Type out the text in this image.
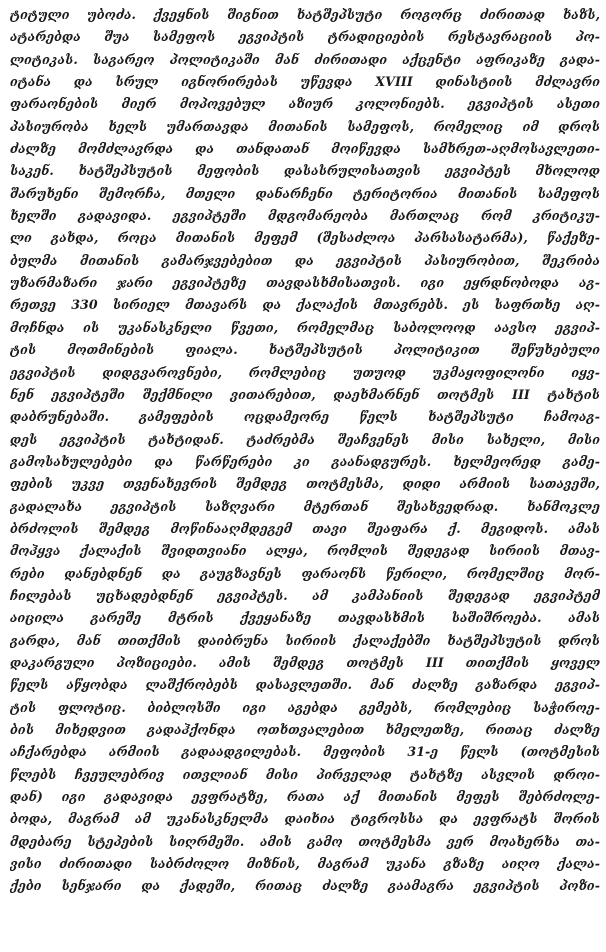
ტიტული უბოძა. ქვეყნის შიგნით ხატშეპსუტი როგორც ძირითად ხაზს,
ატარებდა შუა სამეფოს ეგვიპტის ტრადიციების რესტავრაციის პო-
ლიტიკას. საგარეო პოლიტიკაში მან ძირითადი აქცენტი აფრიკაზე გადა-
იტანა და სრულ იგნორირებას უწევდა XVIII დინასტიის მძლავრი
ფარაონების მიერ მოპოვებულ აზიურ კოლონიებს. ეგვიპტის ასეთი
პასიურობა ხელს უმართავდა მითანის სამეფოს, რომელიც იმ დროს
ძალზე მომძლავრდა და თანდათან მოიწევდა სამხრეთ-აღმოსავლეთი-
საკენ. ხატშეპსუტის მეფობის დასასრულისათვის ეგვიპტეს მხოლოდ
შარუხენი შემორჩა, მთელი დანარჩენი ტერიტორია მითანის სამეფოს
ხელში გადავიდა. ეგვიპტეში მდგომარეობა მართლაც რომ კრიტიკუ-
ლი გახდა, როცა მითანის მეფემ (შესაძლოა პარსასატარმა), წაქეზე-
ბულმა მითანის გამარჯვებებით და ეგვიპტის პასიურობით, შეკრიბა
უზარმაზარი ჯარი ეგვიპტეზე თავდასხმისათვის. იგი ეყრდნობოდა აგ-
რეთვე 330 სირიელ მთავარს და ქალაქის მთავრებს. ეს საფრთხე აღ-
მოჩნდა ის უკანასკნელი წვეთი, რომელმაც საბოლოოდ აავსო ეგვიპ-
ტის მოთმინების ფიალა. ხატშეპსუტის პოლიტიკით შეწუხებული
ეგვიპტის დიდგვაროვნები, რომლებიც უთუოდ უკმაყოფილონი იყვ-
ნენ ეგვიპტეში შექმნილი ვითარებით, დაეხმარნენ თოტმეს III ტახტის
დაბრუნებაში. გამეფების ოცდამეორე წელს ხატშეპსუტი ჩამოაგ-
დეს ეგვიპტის ტახტიდან. ტაძრებმა შეაჩვენეს მისი სახელი, მისი
გამოსახულებები და წარწერები კი გაანადგურეს. ხელმეორედ გამე-
ფების უკვე თვენახევრის შემდეგ თოტმესმა, დიდი არმიის სათავეში,
გადალახა ეგვიპტის საზღვარი მტერთან შესახვედრად. ხანმოკლე
ბრძოლის შემდეგ მოწინააღმდეგემ თავი შეაფარა ქ. მეგიდოს. ამას
მოჰყვა ქალაქის შვიდთვიანი ალყა, რომლის შედეგად სირიის მთავ-
რები დანებდნენ და გაუგზავნეს ფარაონს წერილი, რომელშიც მორ-
ჩილებას უცხადებდნენ ეგვიპტეს. ამ კამპანიის შედეგად ეგვიპტემ
აიცილა გარეშე მტრის ქვეყანაზე თავდასხმის საშიშროება. ამას
გარდა, მან თითქმის დაიბრუნა სირიის ქალაქებში ხატშეპსუტის დროს
დაკარგული პოზიციები. ამის შემდეგ თოტმეს III თითქმის ყოველ
წელს აწყობდა ლაშქრობებს დასავლეთში. მან ძალზე გაზარდა ეგვიპ-
ტის ფლოტიც. ბიბლოსში იგი აგებდა გემებს, რომლებიც საჭიროე-
ბის მიხედვით გადაჰქონდა ოთხთვალებით ხმელეთზე, რითაც ძალზე
აჩქარებდა არმიის გადაადგილებას. მეფობის 31-ე წელს (თოტმესის
წლებს ჩვეულებრივ ითვლიან მისი პირველად ტახტზე ასვლის დროი-
დან) იგი გადავიდა ევფრატზე, რათა აქ მითანის მეფეს შებრძოლე-
ბოდა, მაგრამ ამ უკანასკნელმა დაიხია ტიგროსსა და ევფრატს შორის
მდებარე სტეპების სიღრმეში. ამის გამო თოტმესმა ვერ მოახერხა თა-
ვისი ძირითადი საბრძოლო მიზნის, მაგრამ უკანა გზაზე აიღო ქალა-
ქები სენჯარი და ქადეში, რითაც ძალზე გაამაგრა ეგვიპტის პოზი-
